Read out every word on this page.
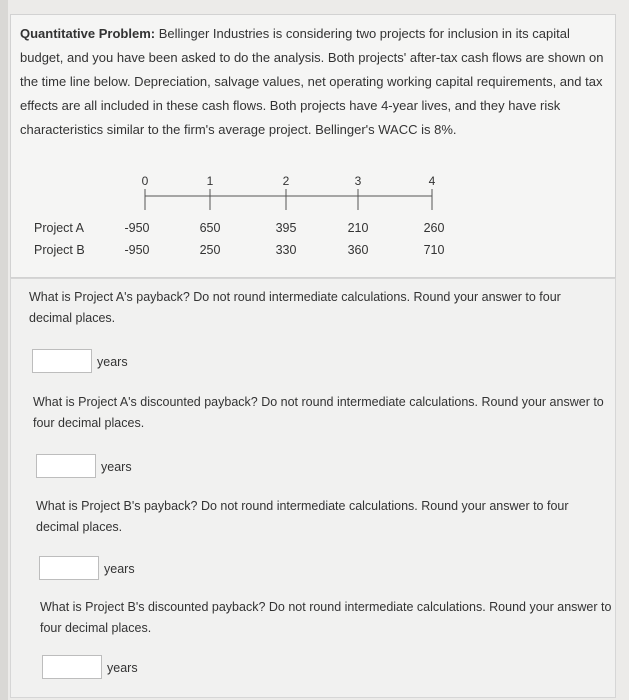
Quantitative Problem: Bellinger Industries is considering two projects for inclusion in its capital budget, and you have been asked to do the analysis. Both projects' after-tax cash flows are shown on the time line below. Depreciation, salvage values, net operating working capital requirements, and tax effects are all included in these cash flows. Both projects have 4-year lives, and they have risk characteristics similar to the firm's average project. Bellinger's WACC is 8%.
0	1	2	3	4
Project A	-950	650	395	210	260
Project B	-950	250	330	360	710
What is Project A's payback? Do not round intermediate calculations. Round your answer to four decimal places.
years
What is Project A's discounted payback? Do not round intermediate calculations. Round your answer to four decimal places.
years
What is Project B's payback? Do not round intermediate calculations. Round your answer to four decimal places.
years
What is Project B's discounted payback? Do not round intermediate calculations. Round your answer to four decimal places.
years
